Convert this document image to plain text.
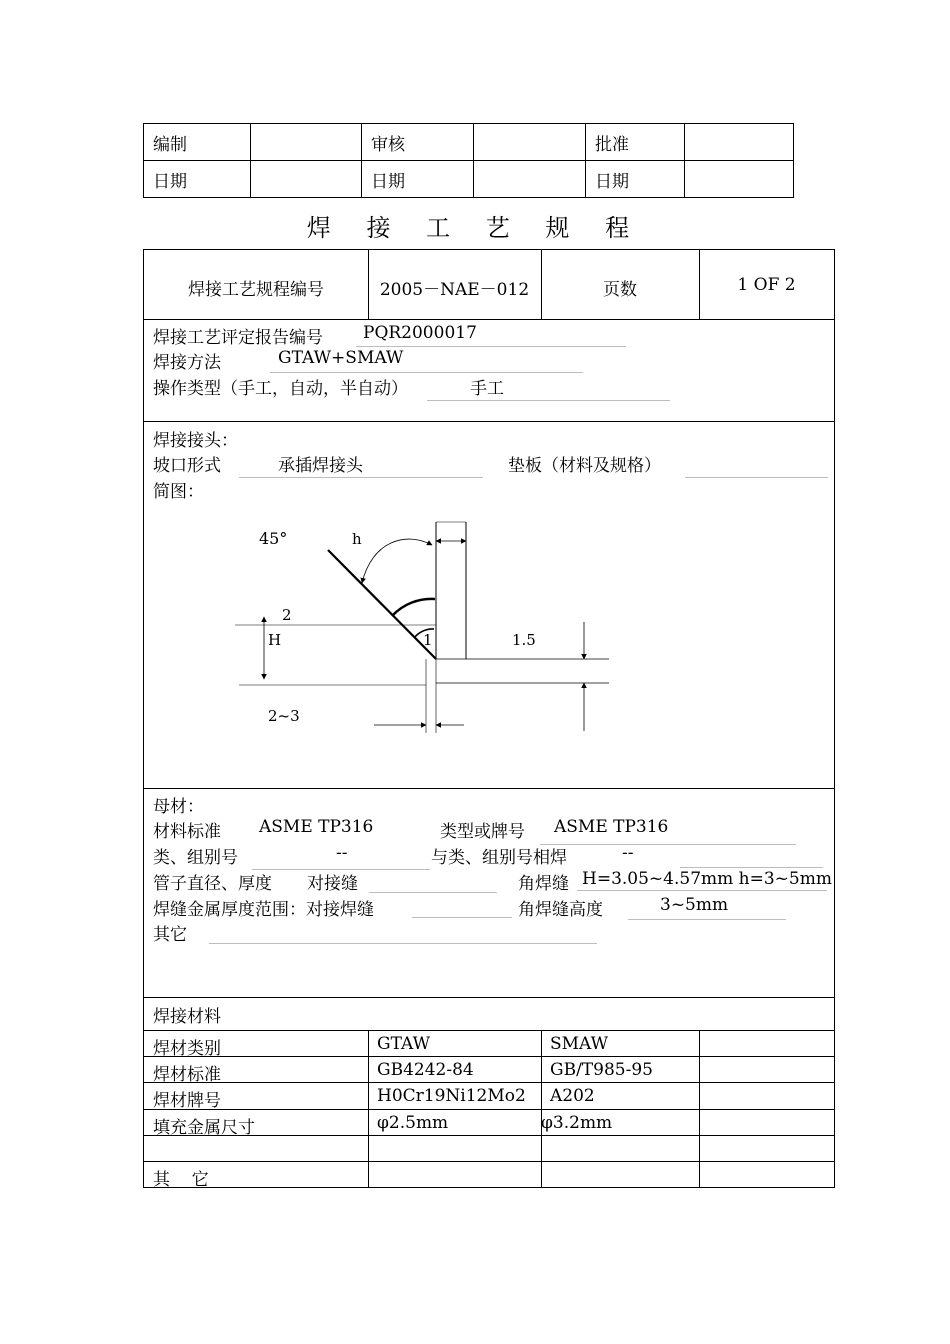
编制		审核		批准	
日期		日期		日期	
焊 接 工 艺 规 程
焊接工艺规程编号	2005－NAE－012	页数	1 OF 2
焊接工艺评定报告编号 PQR2000017
焊接方法	GTAW+SMAW
操作类型（手工，自动，半自动）	手工
焊接接头：
坡口形式	承插焊接头	垫板（材料及规格）
简图：
45°	h
2
H	1	1.5
2~3
母材：
材料标准 ASME TP316	类型或牌号 ASME TP316
类、组别号	--	与类、组别号相焊	--
管子直径、厚度 对接缝	角焊缝 H=3.05~4.57mm h=3~5mm
焊缝金属厚度范围：对接焊缝	角焊缝高度	3~5mm
其它
焊接材料
焊材类别	GTAW	SMAW
焊材标准	GB4242-84	GB/T985-95
焊材牌号	H0Cr19Ni12Mo2 A202
填充金属尺寸	φ2.5mm	φ3.2mm
其    它
